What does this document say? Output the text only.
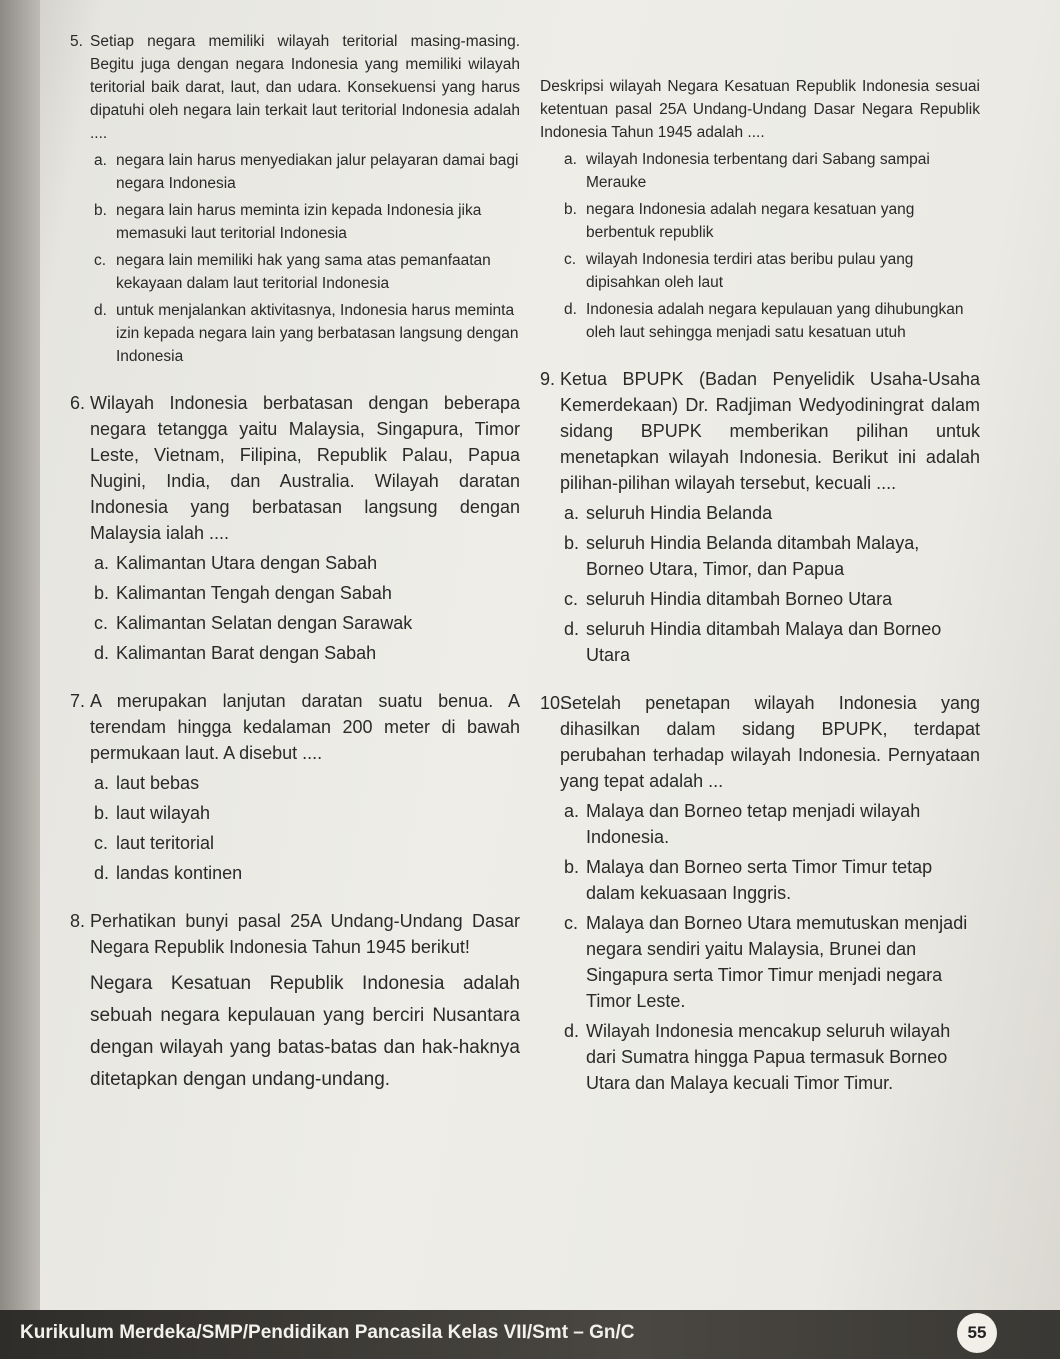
5. Setiap negara memiliki wilayah teritorial masing-masing. Begitu juga dengan negara Indonesia yang memiliki wilayah teritorial baik darat, laut, dan udara. Konsekuensi yang harus dipatuhi oleh negara lain terkait laut teritorial Indonesia adalah ....
a. negara lain harus menyediakan jalur pelayaran damai bagi negara Indonesia
b. negara lain harus meminta izin kepada Indonesia jika memasuki laut teritorial Indonesia
c. negara lain memiliki hak yang sama atas pemanfaatan kekayaan dalam laut teritorial Indonesia
d. untuk menjalankan aktivitasnya, Indonesia harus meminta izin kepada negara lain yang berbatasan langsung dengan Indonesia
6. Wilayah Indonesia berbatasan dengan beberapa negara tetangga yaitu Malaysia, Singapura, Timor Leste, Vietnam, Filipina, Republik Palau, Papua Nugini, India, dan Australia. Wilayah daratan Indonesia yang berbatasan langsung dengan Malaysia ialah ....
a. Kalimantan Utara dengan Sabah
b. Kalimantan Tengah dengan Sabah
c. Kalimantan Selatan dengan Sarawak
d. Kalimantan Barat dengan Sabah
7. A merupakan lanjutan daratan suatu benua. A terendam hingga kedalaman 200 meter di bawah permukaan laut. A disebut ....
a. laut bebas
b. laut wilayah
c. laut teritorial
d. landas kontinen
8. Perhatikan bunyi pasal 25A Undang-Undang Dasar Negara Republik Indonesia Tahun 1945 berikut!
Negara Kesatuan Republik Indonesia adalah sebuah negara kepulauan yang berciri Nusantara dengan wilayah yang batas-batas dan hak-haknya ditetapkan dengan undang-undang.
Deskripsi wilayah Negara Kesatuan Republik Indonesia sesuai ketentuan pasal 25A Undang-Undang Dasar Negara Republik Indonesia Tahun 1945 adalah ....
a. wilayah Indonesia terbentang dari Sabang sampai Merauke
b. negara Indonesia adalah negara kesatuan yang berbentuk republik
c. wilayah Indonesia terdiri atas beribu pulau yang dipisahkan oleh laut
d. Indonesia adalah negara kepulauan yang dihubungkan oleh laut sehingga menjadi satu kesatuan utuh
9. Ketua BPUPK (Badan Penyelidik Usaha-Usaha Kemerdekaan) Dr. Radjiman Wedyodiningrat dalam sidang BPUPK memberikan pilihan untuk menetapkan wilayah Indonesia. Berikut ini adalah pilihan-pilihan wilayah tersebut, kecuali ....
a. seluruh Hindia Belanda
b. seluruh Hindia Belanda ditambah Malaya, Borneo Utara, Timor, dan Papua
c. seluruh Hindia ditambah Borneo Utara
d. seluruh Hindia ditambah Malaya dan Borneo Utara
10.Setelah penetapan wilayah Indonesia yang dihasilkan dalam sidang BPUPK, terdapat perubahan terhadap wilayah Indonesia. Pernyataan yang tepat adalah ...
a. Malaya dan Borneo tetap menjadi wilayah Indonesia.
b. Malaya dan Borneo serta Timor Timur tetap dalam kekuasaan Inggris.
c. Malaya dan Borneo Utara memutuskan menjadi negara sendiri yaitu Malaysia, Brunei dan Singapura serta Timor Timur menjadi negara Timor Leste.
d. Wilayah Indonesia mencakup seluruh wilayah dari Sumatra hingga Papua termasuk Borneo Utara dan Malaya kecuali Timor Timur.
Kurikulum Merdeka/SMP/Pendidikan Pancasila Kelas VII/Smt – Gn/C	55
